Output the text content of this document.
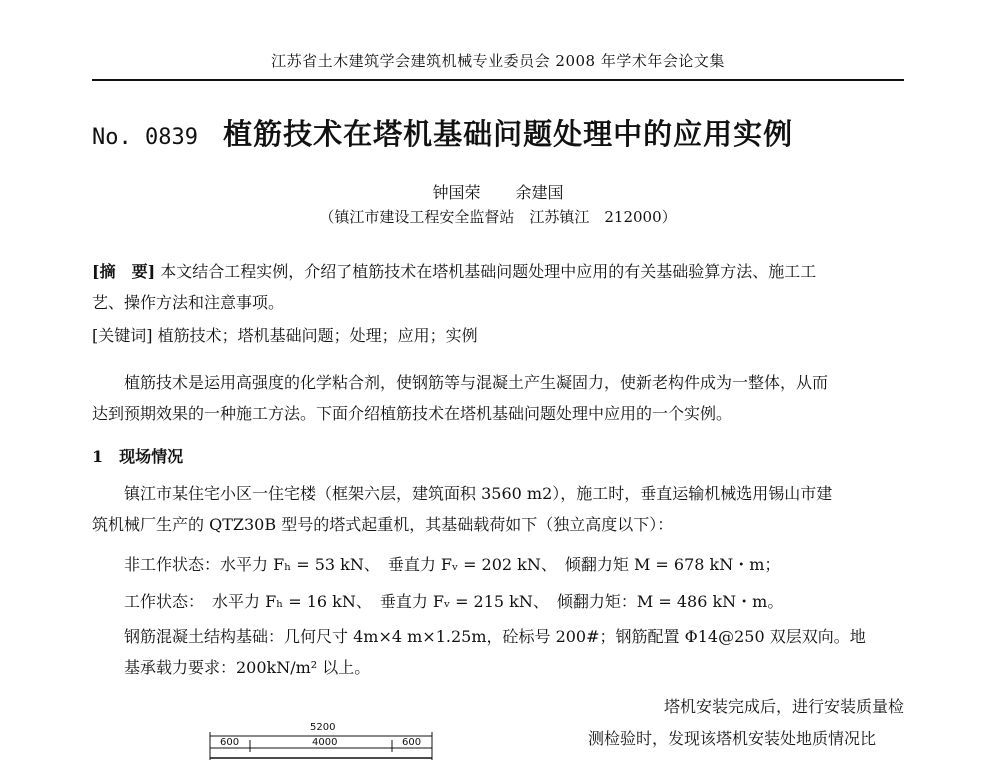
江苏省土木建筑学会建筑机械专业委员会 2008 年学术年会论文集
No. 0839 植筋技术在塔机基础问题处理中的应用实例
钟国荣 余建国
（镇江市建设工程安全监督站　江苏镇江　212000）
[摘　要] 本文结合工程实例，介绍了植筋技术在塔机基础问题处理中应用的有关基础验算方法、施工工
艺、操作方法和注意事项。
[关键词] 植筋技术；塔机基础问题；处理；应用；实例
植筋技术是运用高强度的化学粘合剂，使钢筋等与混凝土产生凝固力，使新老构件成为一整体，从而
达到预期效果的一种施工方法。下面介绍植筋技术在塔机基础问题处理中应用的一个实例。
1　现场情况
镇江市某住宅小区一住宅楼（框架六层，建筑面积 3560 m2），施工时，垂直运输机械选用锡山市建
筑机械厂生产的 QTZ30B 型号的塔式起重机，其基础载荷如下（独立高度以下）：
非工作状态：水平力 Fₕ = 53 kN、　垂直力 Fᵥ = 202 kN、　倾翻力矩 M = 678 kN・m；
工作状态：　水平力 Fₕ = 16 kN、　垂直力 Fᵥ = 215 kN、　倾翻力矩：M = 486 kN・m。
钢筋混凝土结构基础：几何尺寸 4m×4 m×1.25m，砼标号 200#；钢筋配置 Φ14@250 双层双向。地
基承载力要求：200kN/m² 以上。
塔机安装完成后，进行安装质量检
测检验时，发现该塔机安装处地质情况比
5200
600	4000	600
